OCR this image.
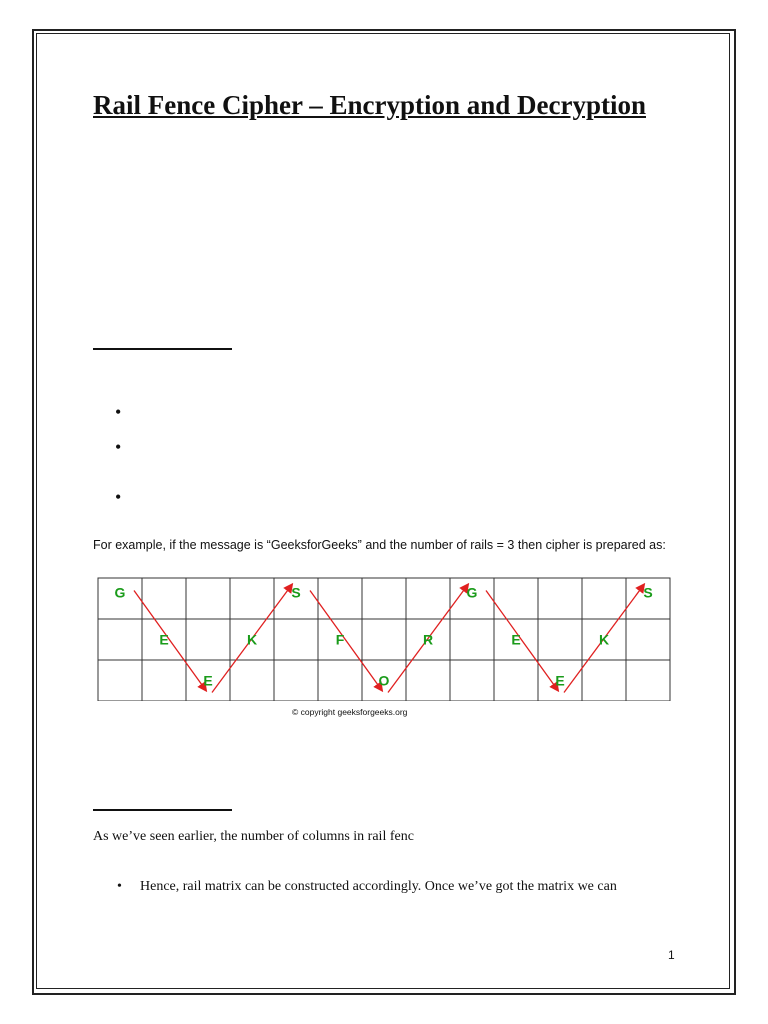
Rail Fence Cipher – Encryption and Decryption
•
•
•

For example, if the message is “GeeksforGeeks” and the number of rails = 3 then cipher is prepared as:

G
E
E
K
S
F
O
R
G
E
E
K
S
© copyright geeksforgeeks.org
As we’ve seen earlier, the number of columns in rail fenc
• Hence, rail matrix can be constructed accordingly. Once we’ve got the matrix we can
1
